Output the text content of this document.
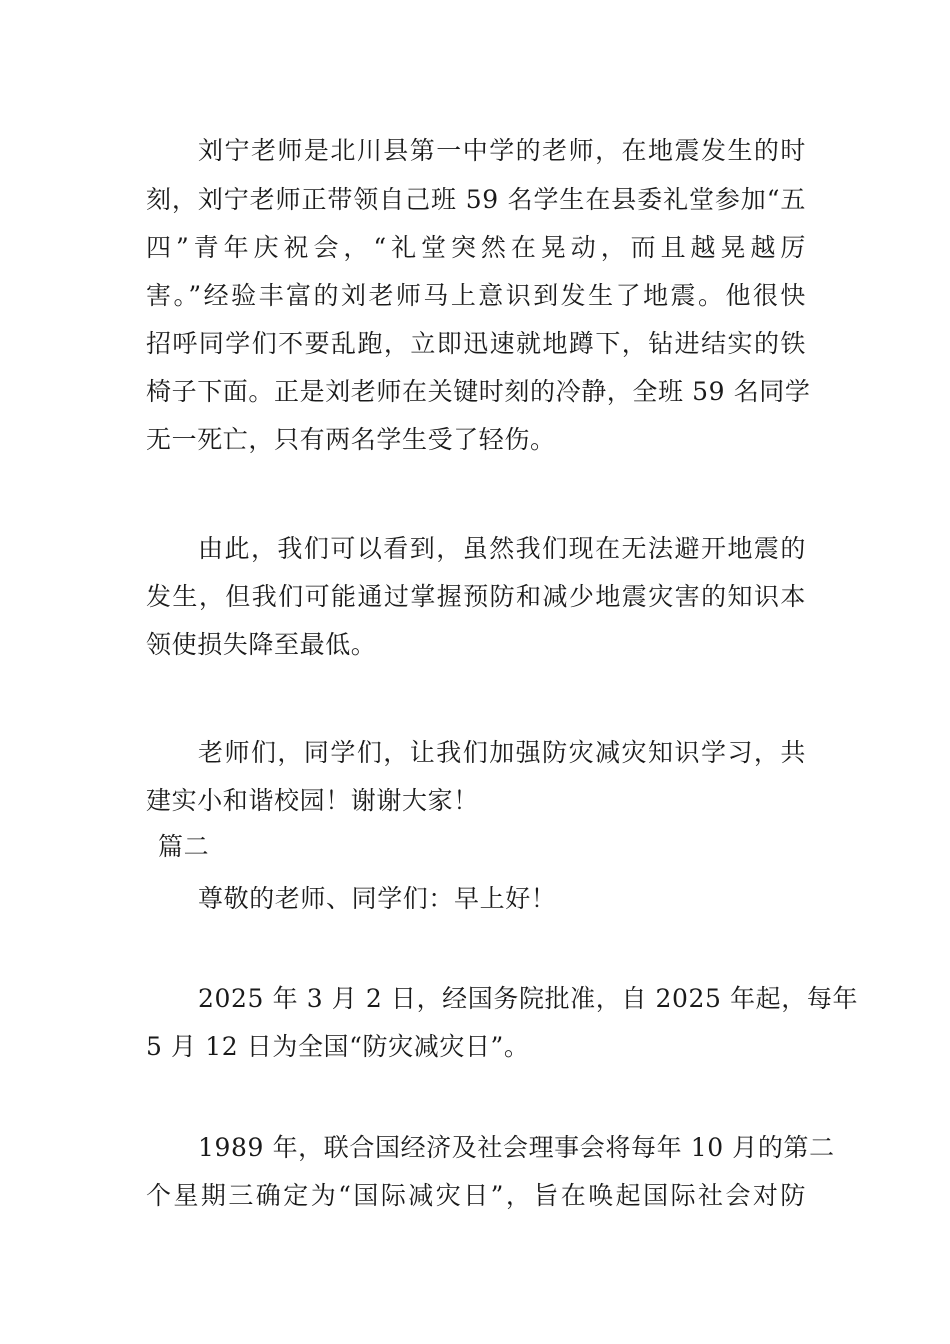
刘宁老师是北川县第一中学的老师，在地震发生的时
刻，刘宁老师正带领自己班 59 名学生在县委礼堂参加“五
四”青年庆祝会，“礼堂突然在晃动，而且越晃越厉
害。”经验丰富的刘老师马上意识到发生了地震。他很快
招呼同学们不要乱跑，立即迅速就地蹲下，钻进结实的铁
椅子下面。正是刘老师在关键时刻的冷静，全班 59 名同学
无一死亡，只有两名学生受了轻伤。
由此，我们可以看到，虽然我们现在无法避开地震的
发生，但我们可能通过掌握预防和减少地震灾害的知识本
领使损失降至最低。
老师们，同学们，让我们加强防灾减灾知识学习，共
建实小和谐校园！谢谢大家！
篇二
尊敬的老师、同学们：早上好！
2025 年 3 月 2 日，经国务院批准，自 2025 年起，每年
5 月 12 日为全国“防灾减灾日”。
1989 年，联合国经济及社会理事会将每年 10 月的第二
个星期三确定为“国际减灾日”，旨在唤起国际社会对防
